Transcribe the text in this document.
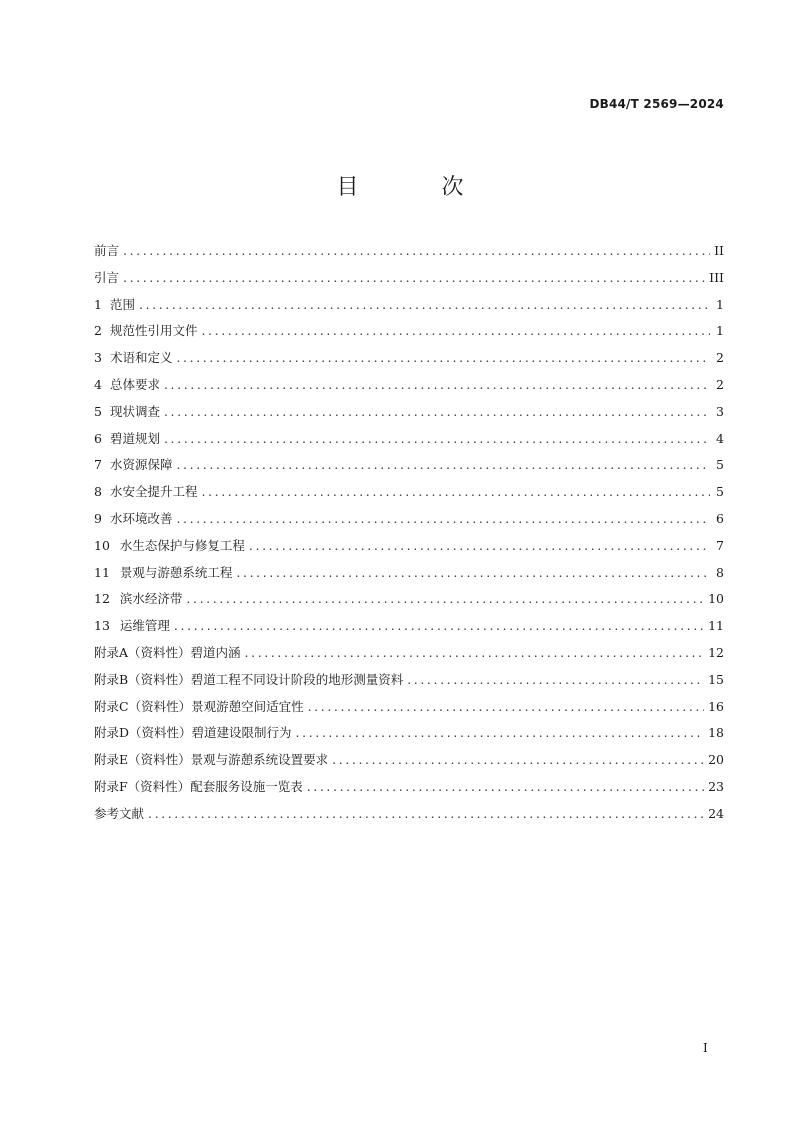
DB44/T 2569—2024
目 次
前言 .....	II
引言 .....	III
1 范围 .....	1
2 规范性引用文件 .....	1
3 术语和定义 .....	2
4 总体要求 .....	2
5 现状调查 .....	3
6 碧道规划 .....	4
7 水资源保障 .....	5
8 水安全提升工程 .....	5
9 水环境改善 .....	6
10 水生态保护与修复工程 .....	7
11 景观与游憩系统工程 .....	8
12 滨水经济带 .....	10
13 运维管理 .....	11
附录A（资料性） 碧道内涵 .....	12
附录B（资料性） 碧道工程不同设计阶段的地形测量资料 .....	15
附录C（资料性） 景观游憩空间适宜性 .....	16
附录D（资料性） 碧道建设限制行为 .....	18
附录E（资料性） 景观与游憩系统设置要求 .....	20
附录F（资料性） 配套服务设施一览表 .....	23
参考文献 .....	24
I
